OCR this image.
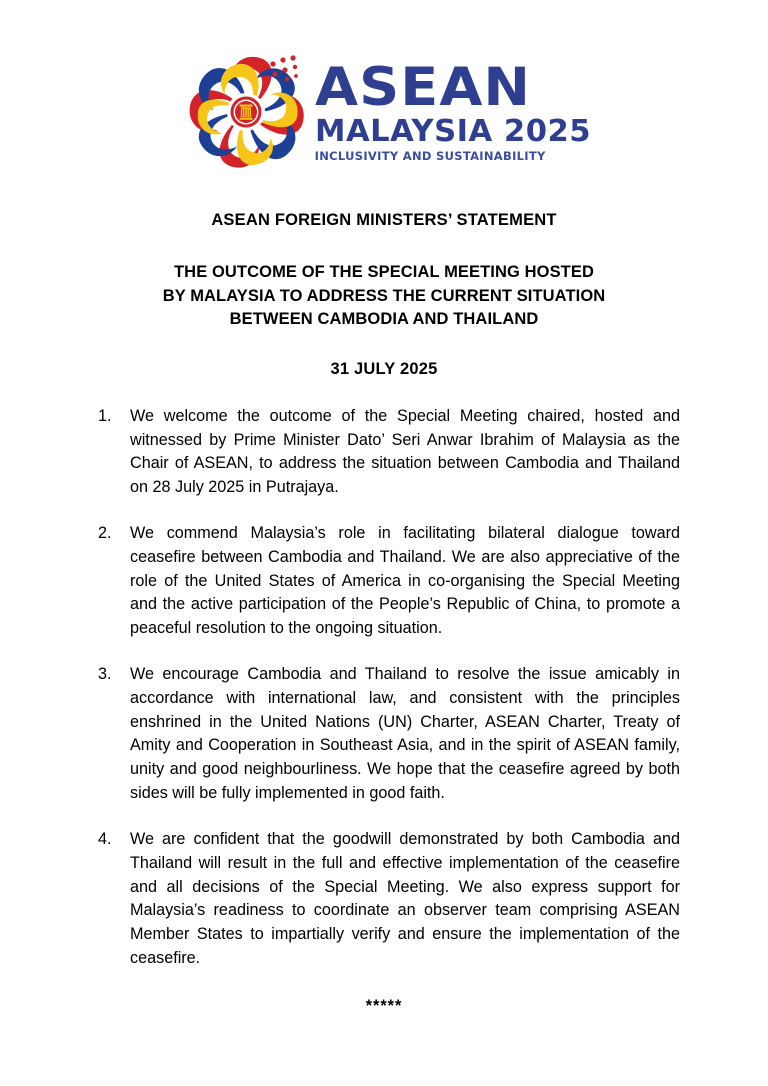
ASEAN
MALAYSIA 2025
INCLUSIVITY AND SUSTAINABILITY
ASEAN FOREIGN MINISTERS’ STATEMENT
THE OUTCOME OF THE SPECIAL MEETING HOSTED
BY MALAYSIA TO ADDRESS THE CURRENT SITUATION
BETWEEN CAMBODIA AND THAILAND
31 JULY 2025
1.	We welcome the outcome of the Special Meeting chaired, hosted and witnessed by Prime Minister Dato’ Seri Anwar Ibrahim of Malaysia as the Chair of ASEAN, to address the situation between Cambodia and Thailand on 28 July 2025 in Putrajaya.
2.	We commend Malaysia’s role in facilitating bilateral dialogue toward ceasefire between Cambodia and Thailand. We are also appreciative of the role of the United States of America in co-organising the Special Meeting and the active participation of the People’s Republic of China, to promote a peaceful resolution to the ongoing situation.
3.	We encourage Cambodia and Thailand to resolve the issue amicably in accordance with international law, and consistent with the principles enshrined in the United Nations (UN) Charter, ASEAN Charter, Treaty of Amity and Cooperation in Southeast Asia, and in the spirit of ASEAN family, unity and good neighbourliness. We hope that the ceasefire agreed by both sides will be fully implemented in good faith.
4.	We are confident that the goodwill demonstrated by both Cambodia and Thailand will result in the full and effective implementation of the ceasefire and all decisions of the Special Meeting. We also express support for Malaysia’s readiness to coordinate an observer team comprising ASEAN Member States to impartially verify and ensure the implementation of the ceasefire.
*****
